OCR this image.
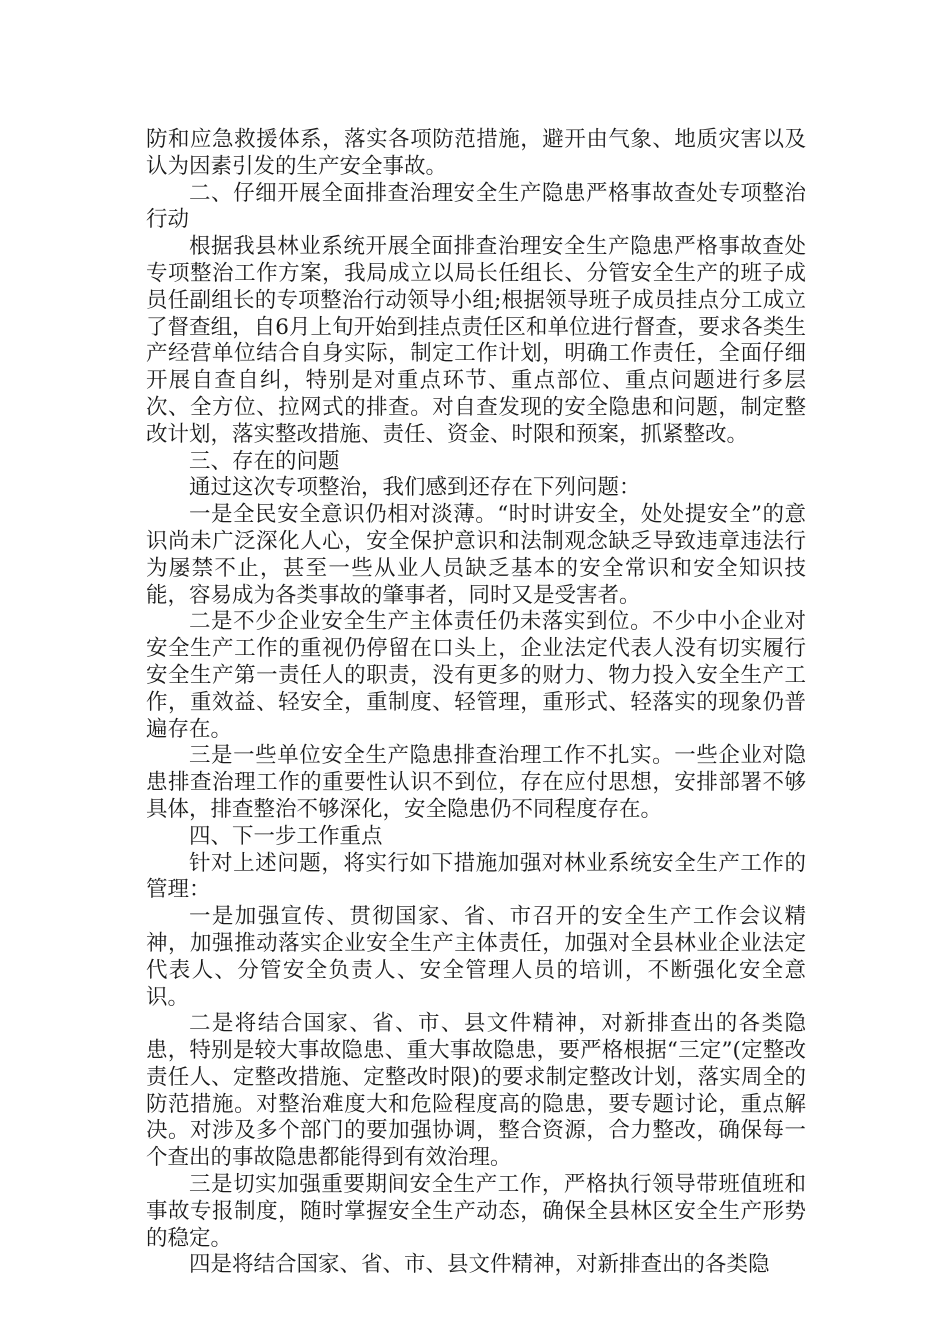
防和应急救援体系，落实各项防范措施，避开由气象、地质灾害以及认为因素引发的生产安全事故。

二、仔细开展全面排查治理安全生产隐患严格事故查处专项整治行动

根据我县林业系统开展全面排查治理安全生产隐患严格事故查处专项整治工作方案，我局成立以局长任组长、分管安全生产的班子成员任副组长的专项整治行动领导小组;根据领导班子成员挂点分工成立了督查组，自6月上旬开始到挂点责任区和单位进行督查，要求各类生产经营单位结合自身实际，制定工作计划，明确工作责任，全面仔细开展自查自纠，特别是对重点环节、重点部位、重点问题进行多层次、全方位、拉网式的排查。对自查发现的安全隐患和问题，制定整改计划，落实整改措施、责任、资金、时限和预案，抓紧整改。

三、存在的问题

通过这次专项整治，我们感到还存在下列问题：

一是全民安全意识仍相对淡薄。“时时讲安全，处处提安全”的意识尚未广泛深化人心，安全保护意识和法制观念缺乏导致违章违法行为屡禁不止，甚至一些从业人员缺乏基本的安全常识和安全知识技能，容易成为各类事故的肇事者，同时又是受害者。

二是不少企业安全生产主体责任仍未落实到位。不少中小企业对安全生产工作的重视仍停留在口头上，企业法定代表人没有切实履行安全生产第一责任人的职责，没有更多的财力、物力投入安全生产工作，重效益、轻安全，重制度、轻管理，重形式、轻落实的现象仍普遍存在。

三是一些单位安全生产隐患排查治理工作不扎实。一些企业对隐患排查治理工作的重要性认识不到位，存在应付思想，安排部署不够具体，排查整治不够深化，安全隐患仍不同程度存在。

四、下一步工作重点

针对上述问题，将实行如下措施加强对林业系统安全生产工作的管理：

一是加强宣传、贯彻国家、省、市召开的安全生产工作会议精神，加强推动落实企业安全生产主体责任，加强对全县林业企业法定代表人、分管安全负责人、安全管理人员的培训，不断强化安全意识。

二是将结合国家、省、市、县文件精神，对新排查出的各类隐患，特别是较大事故隐患、重大事故隐患，要严格根据“三定”(定整改责任人、定整改措施、定整改时限)的要求制定整改计划，落实周全的防范措施。对整治难度大和危险程度高的隐患，要专题讨论，重点解决。对涉及多个部门的要加强协调，整合资源，合力整改，确保每一个查出的事故隐患都能得到有效治理。

三是切实加强重要期间安全生产工作，严格执行领导带班值班和事故专报制度，随时掌握安全生产动态，确保全县林区安全生产形势的稳定。

四是将结合国家、省、市、县文件精神，对新排查出的各类隐
